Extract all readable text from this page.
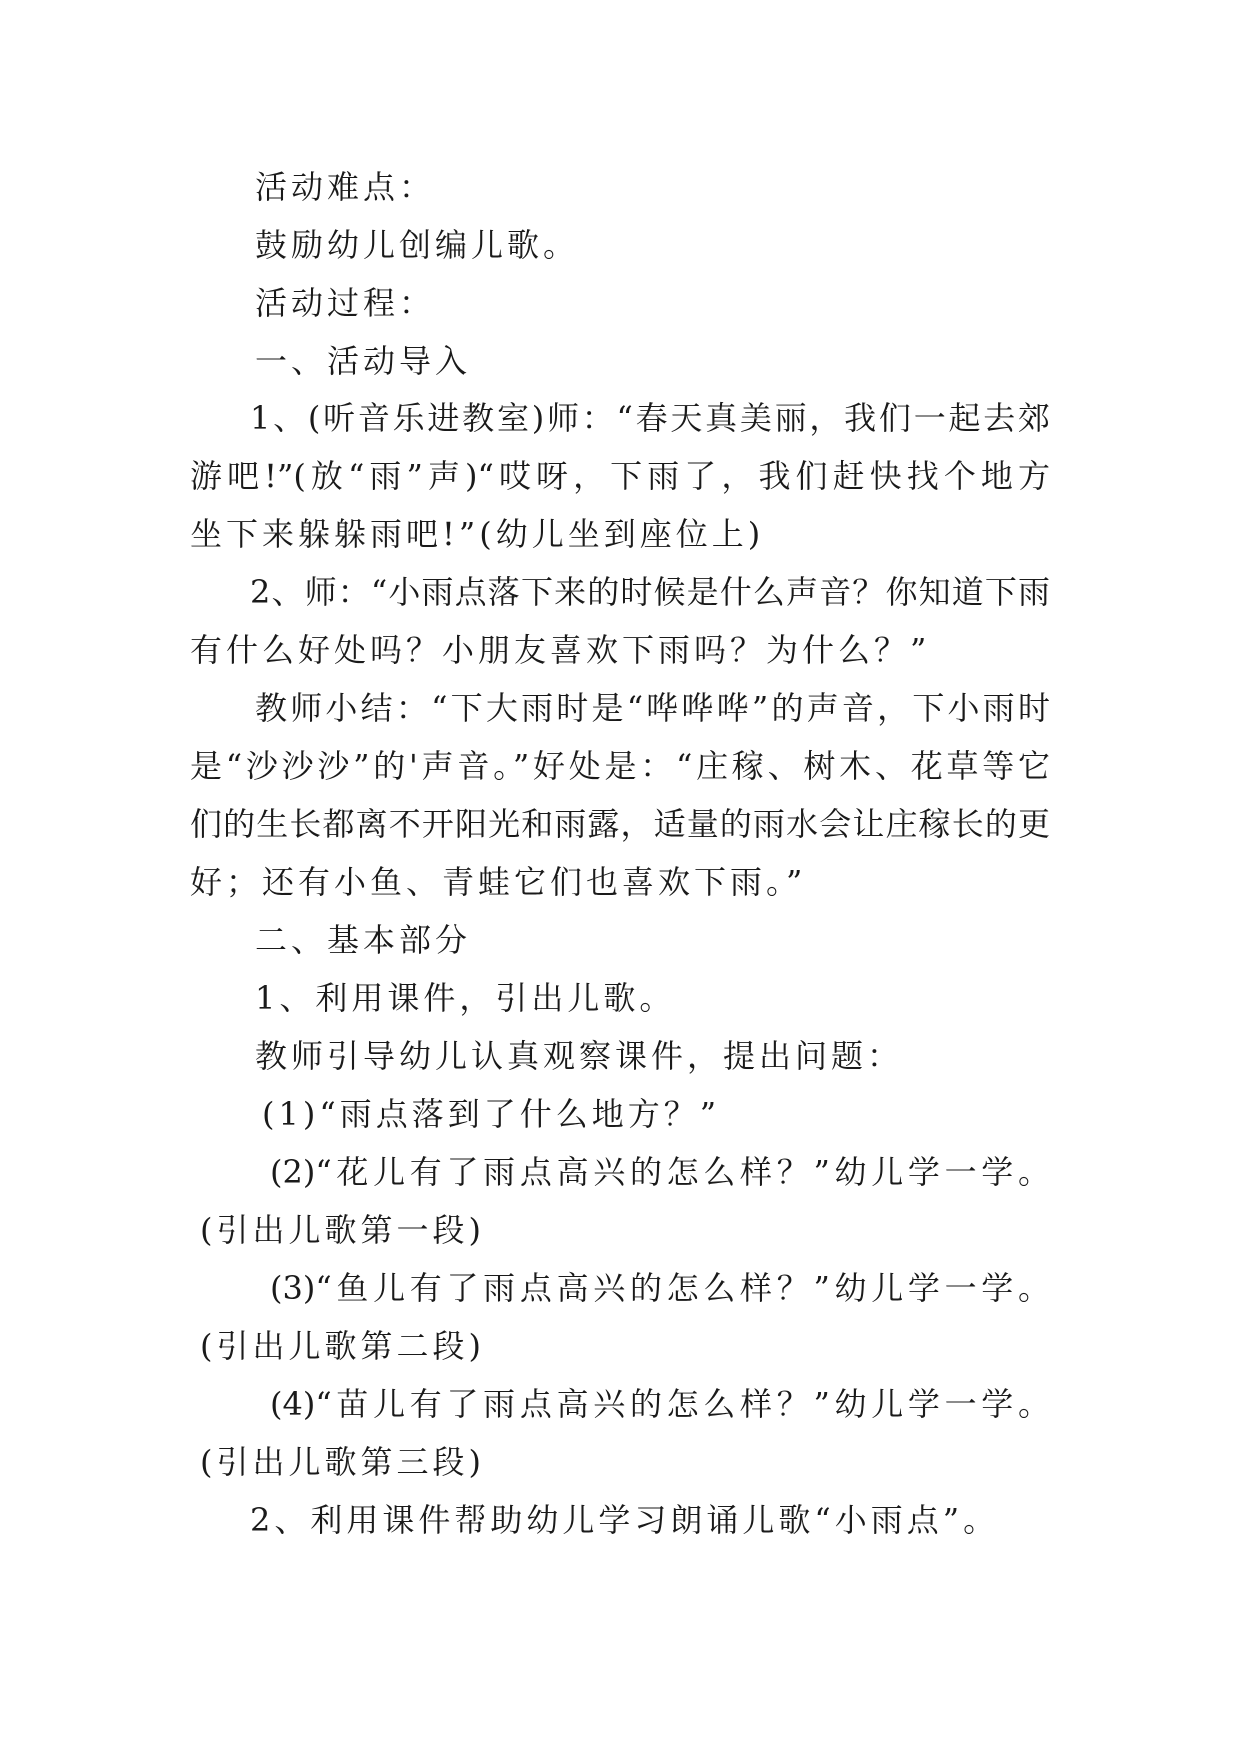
活动难点：
鼓励幼儿创编儿歌。
活动过程：
一、活动导入
1、(听音乐进教室)师：“春天真美丽，我们一起去郊
游吧!”(放“雨”声)“哎呀，下雨了，我们赶快找个地方
坐下来躲躲雨吧!”(幼儿坐到座位上)
2、师：“小雨点落下来的时候是什么声音？你知道下雨
有什么好处吗？小朋友喜欢下雨吗？为什么？”
教师小结：“下大雨时是“哗哗哗”的声音，下小雨时
是“沙沙沙”的'声音。”好处是：“庄稼、树木、花草等它
们的生长都离不开阳光和雨露，适量的雨水会让庄稼长的更
好；还有小鱼、青蛙它们也喜欢下雨。”
二、基本部分
1、利用课件，引出儿歌。
教师引导幼儿认真观察课件，提出问题：
(1)“雨点落到了什么地方？”
(2)“花儿有了雨点高兴的怎么样？”幼儿学一学。
(引出儿歌第一段)
(3)“鱼儿有了雨点高兴的怎么样？”幼儿学一学。
(引出儿歌第二段)
(4)“苗儿有了雨点高兴的怎么样？”幼儿学一学。
(引出儿歌第三段)
2、利用课件帮助幼儿学习朗诵儿歌“小雨点”。
